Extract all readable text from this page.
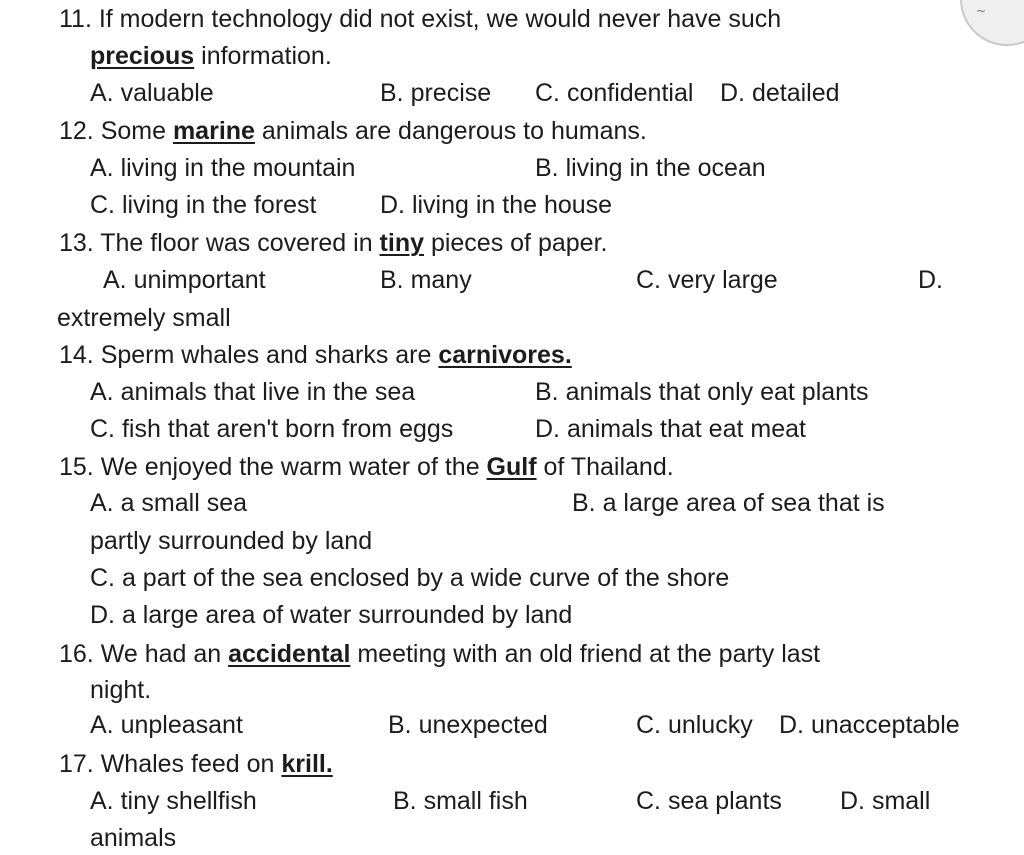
~
11. If modern technology did not exist, we would never have such
precious information.
A. valuable	B. precise C. confidential D. detailed
12. Some marine animals are dangerous to humans.
A. living in the mountain	B. living in the ocean
C. living in the forest	D. living in the house
13. The floor was covered in tiny pieces of paper.
A. unimportant	B. many	C. very large	D.
extremely small
14. Sperm whales and sharks are carnivores.
A. animals that live in the sea	B. animals that only eat plants
C. fish that aren't born from eggs	D. animals that eat meat
15. We enjoyed the warm water of the Gulf of Thailand.
A. a small sea	B. a large area of sea that is
partly surrounded by land
C. a part of the sea enclosed by a wide curve of the shore
D. a large area of water surrounded by land
16. We had an accidental meeting with an old friend at the party last
night.
A. unpleasant	B. unexpected	C. unlucky D. unacceptable
17. Whales feed on krill.
A. tiny shellfish	B. small fish	C. sea plants D. small
animals
